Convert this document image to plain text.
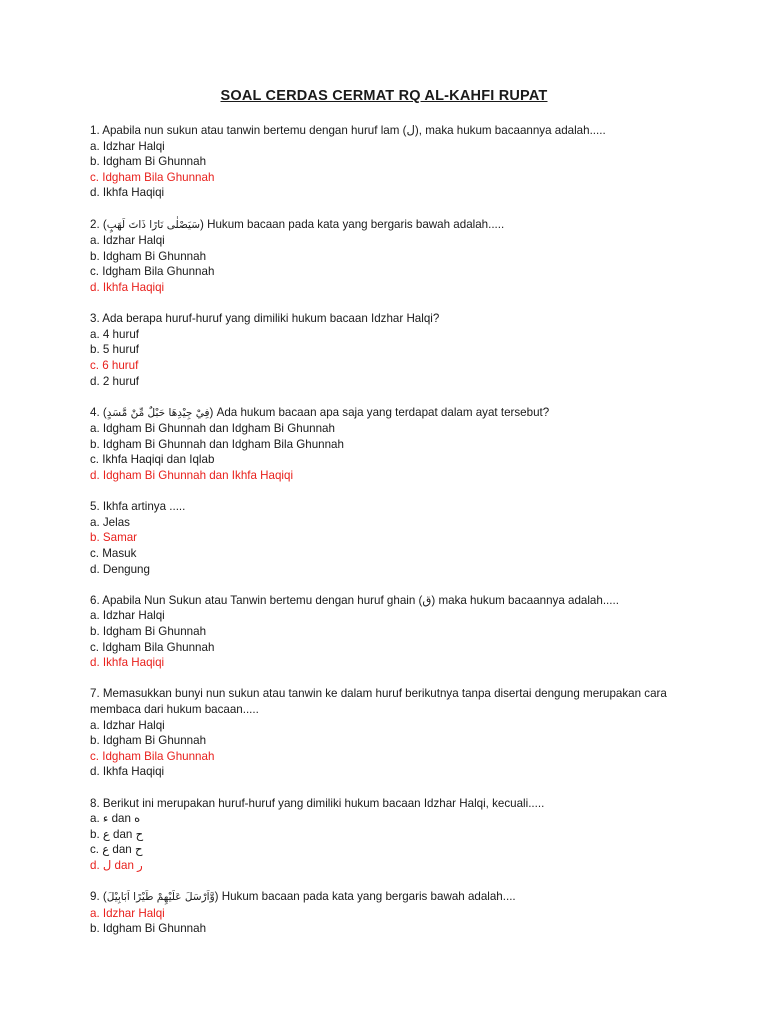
SOAL CERDAS CERMAT RQ AL-KAHFI RUPAT
1. Apabila nun sukun atau tanwin bertemu dengan huruf lam (ل), maka hukum bacaannya adalah.....
a. Idzhar Halqi
b. Idgham Bi Ghunnah
c. Idgham Bila Ghunnah
d. Ikhfa Haqiqi
2. (سَيَصْلٰى نَارًا ذَاتَ لَهَبٍ) Hukum bacaan pada kata yang bergaris bawah adalah.....
a. Idzhar Halqi
b. Idgham Bi Ghunnah
c. Idgham Bila Ghunnah
d. Ikhfa Haqiqi
3. Ada berapa huruf-huruf yang dimiliki hukum bacaan Idzhar Halqi?
a. 4 huruf
b. 5 huruf
c. 6 huruf
d. 2 huruf
4. (فِيْ جِيْدِهَا حَبْلٌ مِّنْ مَّسَدٍ) Ada hukum bacaan apa saja yang terdapat dalam ayat tersebut?
a. Idgham Bi Ghunnah dan Idgham Bi Ghunnah
b. Idgham Bi Ghunnah dan Idgham Bila Ghunnah
c. Ikhfa Haqiqi dan Iqlab
d. Idgham Bi Ghunnah dan Ikhfa Haqiqi
5. Ikhfa artinya .....
a. Jelas
b. Samar
c. Masuk
d. Dengung
6. Apabila Nun Sukun atau Tanwin bertemu dengan huruf ghain (ق) maka hukum bacaannya adalah.....
a. Idzhar Halqi
b. Idgham Bi Ghunnah
c. Idgham Bila Ghunnah
d. Ikhfa Haqiqi
7. Memasukkan bunyi nun sukun atau tanwin ke dalam huruf berikutnya tanpa disertai dengung merupakan cara membaca dari hukum bacaan.....
a. Idzhar Halqi
b. Idgham Bi Ghunnah
c. Idgham Bila Ghunnah
d. Ikhfa Haqiqi
8. Berikut ini merupakan huruf-huruf yang dimiliki hukum bacaan Idzhar Halqi, kecuali.....
a. ء dan ه
b. ع dan ح
c. ع dan ح
d. ل dan ر
9. (وَّاَرْسَلَ عَلَيْهِمْ طَيْرًا اَبَابِيْلَ) Hukum bacaan pada kata yang bergaris bawah adalah....
a. Idzhar Halqi
b. Idgham Bi Ghunnah
